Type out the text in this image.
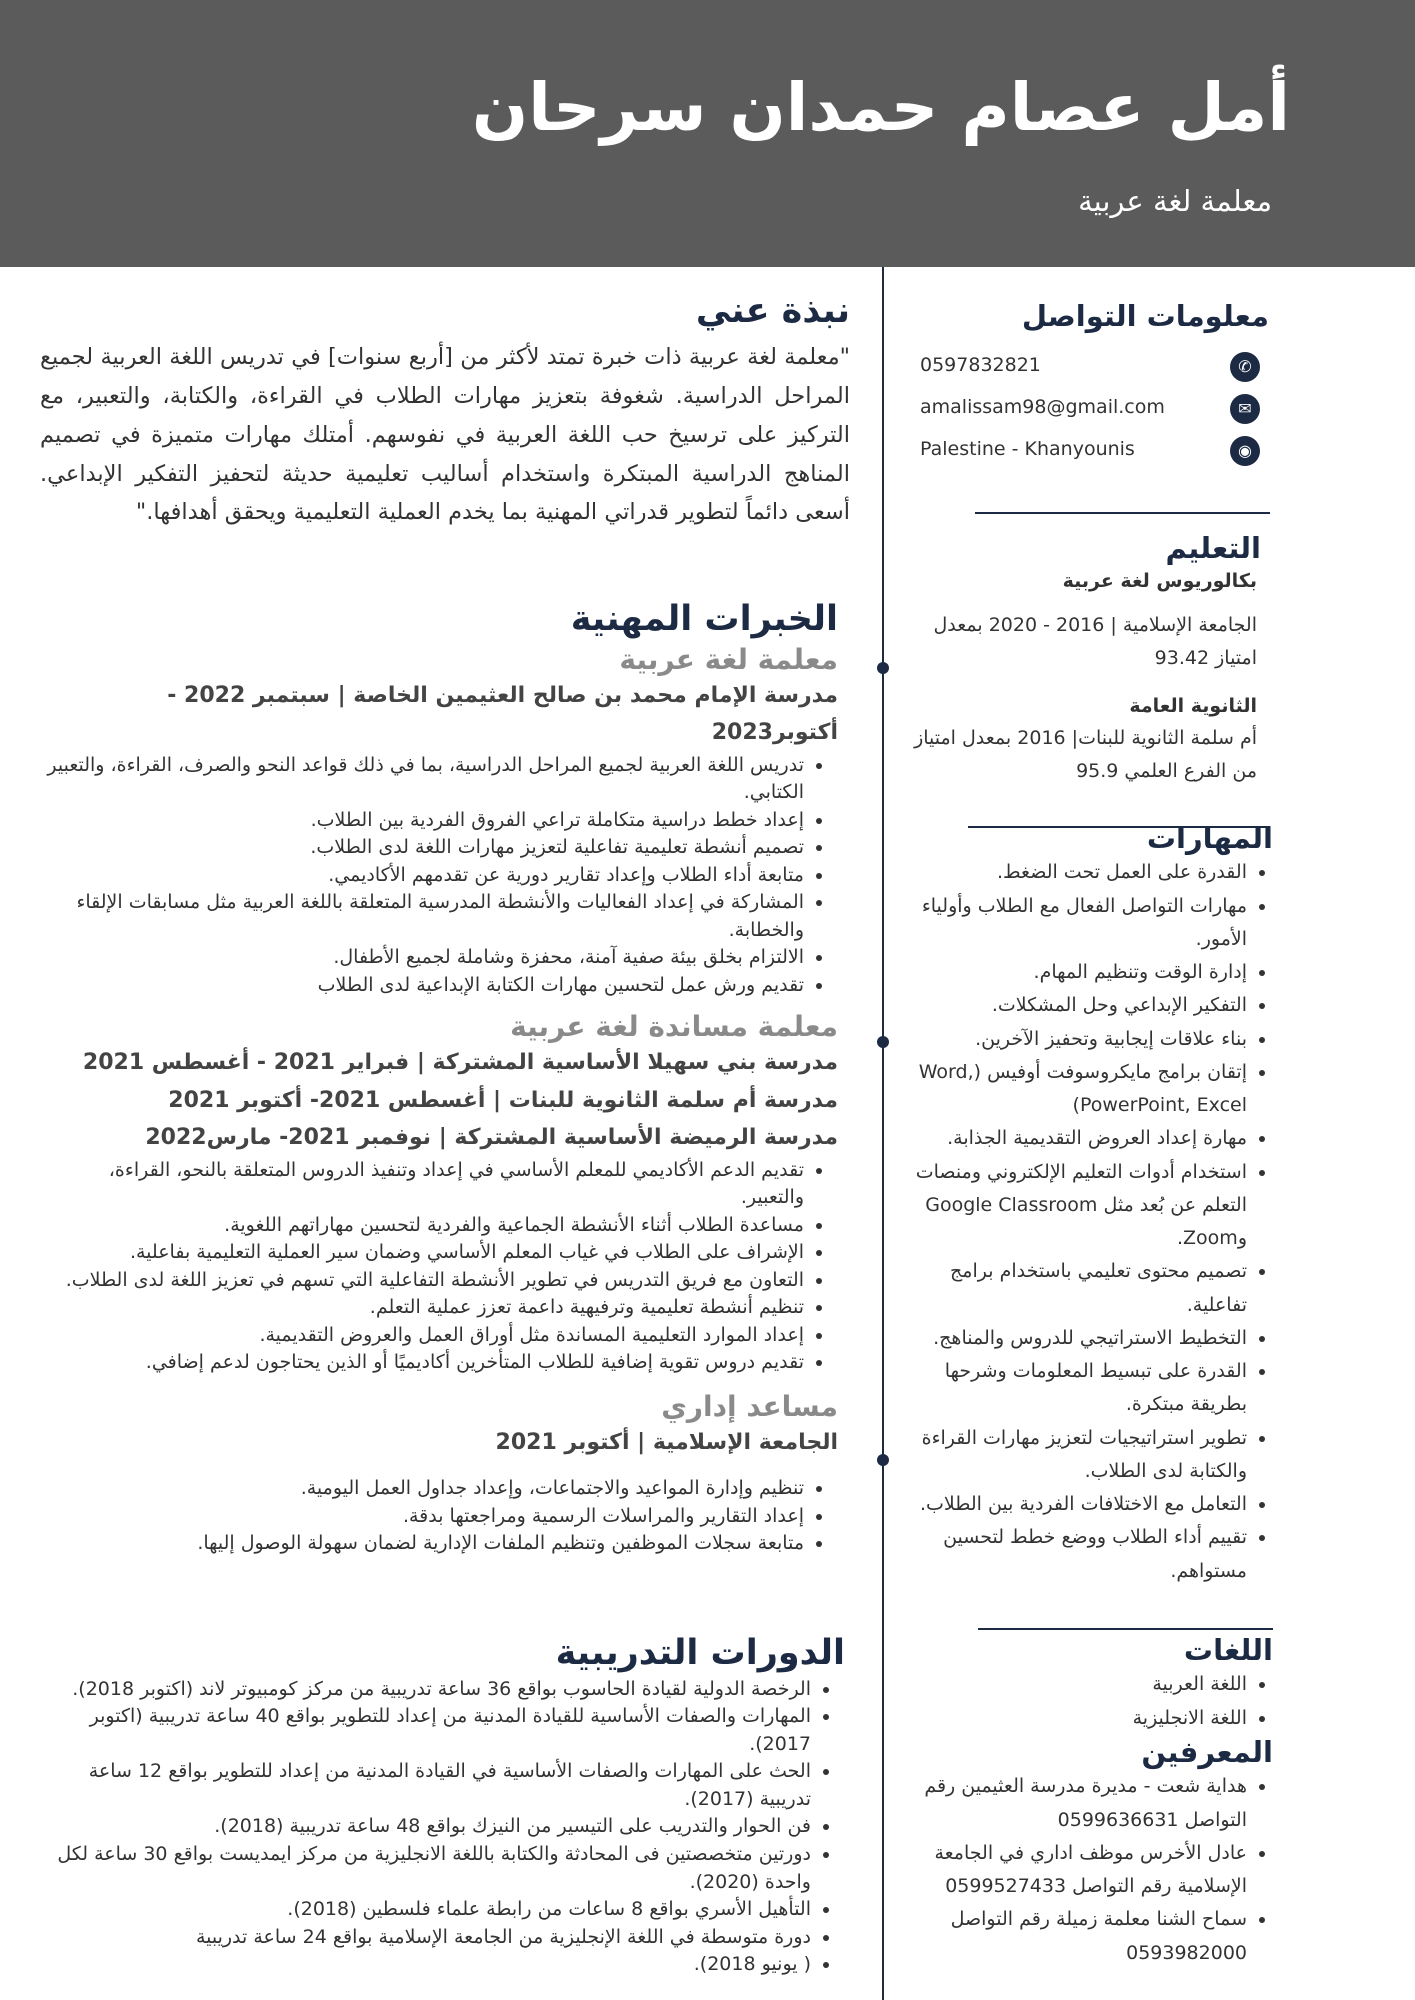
أمل عصام حمدان سرحان

معلمة لغة عربية

معلومات التواصل
0597832821	✆
amalissam98@gmail.com	✉
Palestine - Khanyounis	◉
التعليم

بكالوريوس لغة عربية

الجامعة الإسلامية | 2016 - 2020 بمعدل امتياز 93.42

الثانوية العامة

أم سلمة الثانوية للبنات| 2016 بمعدل امتياز من الفرع العلمي 95.9

المهارات
• القدرة على العمل تحت الضغط.
• مهارات التواصل الفعال مع الطلاب وأولياء الأمور.
• إدارة الوقت وتنظيم المهام.
• التفكير الإبداعي وحل المشكلات.
• بناء علاقات إيجابية وتحفيز الآخرين.
• إتقان برامج مايكروسوفت أوفيس (Word, PowerPoint, Excel)
• مهارة إعداد العروض التقديمية الجذابة.
• استخدام أدوات التعليم الإلكتروني ومنصات التعلم عن بُعد مثل Google Classroom وZoom.
• تصميم محتوى تعليمي باستخدام برامج تفاعلية.
• التخطيط الاستراتيجي للدروس والمناهج.
• القدرة على تبسيط المعلومات وشرحها بطريقة مبتكرة.
• تطوير استراتيجيات لتعزيز مهارات القراءة والكتابة لدى الطلاب.
• التعامل مع الاختلافات الفردية بين الطلاب.
• تقييم أداء الطلاب ووضع خطط لتحسين مستواهم.
اللغات
• اللغة العربية
• اللغة الانجليزية
المعرفين
• هداية شعت - مديرة مدرسة العثيمين رقم التواصل 0599636631
• عادل الأخرس موظف اداري في الجامعة الإسلامية رقم التواصل 0599527433
• سماح الشنا معلمة زميلة رقم التواصل 0593982000
نبذة عني

"معلمة لغة عربية ذات خبرة تمتد لأكثر من [أربع سنوات] في تدريس اللغة العربية لجميع المراحل الدراسية. شغوفة بتعزيز مهارات الطلاب في القراءة، والكتابة، والتعبير، مع التركيز على ترسيخ حب اللغة العربية في نفوسهم. أمتلك مهارات متميزة في تصميم المناهج الدراسية المبتكرة واستخدام أساليب تعليمية حديثة لتحفيز التفكير الإبداعي. أسعى دائماً لتطوير قدراتي المهنية بما يخدم العملية التعليمية ويحقق أهدافها."

الخبرات المهنية
معلمة لغة عربية

مدرسة الإمام محمد بن صالح العثيمين الخاصة | سبتمبر 2022 - أكتوبر2023

• تدريس اللغة العربية لجميع المراحل الدراسية، بما في ذلك قواعد النحو والصرف، القراءة، والتعبير الكتابي.
• إعداد خطط دراسية متكاملة تراعي الفروق الفردية بين الطلاب.
• تصميم أنشطة تعليمية تفاعلية لتعزيز مهارات اللغة لدى الطلاب.
• متابعة أداء الطلاب وإعداد تقارير دورية عن تقدمهم الأكاديمي.
• المشاركة في إعداد الفعاليات والأنشطة المدرسية المتعلقة باللغة العربية مثل مسابقات الإلقاء والخطابة.
• الالتزام بخلق بيئة صفية آمنة، محفزة وشاملة لجميع الأطفال.
• تقديم ورش عمل لتحسين مهارات الكتابة الإبداعية لدى الطلاب
معلمة مساندة لغة عربية

مدرسة بني سهيلا الأساسية المشتركة | فبراير 2021 - أغسطس 2021

مدرسة أم سلمة الثانوية للبنات | أغسطس 2021- أكتوبر 2021

مدرسة الرميضة الأساسية المشتركة | نوفمبر 2021- مارس2022

• تقديم الدعم الأكاديمي للمعلم الأساسي في إعداد وتنفيذ الدروس المتعلقة بالنحو، القراءة، والتعبير.
• مساعدة الطلاب أثناء الأنشطة الجماعية والفردية لتحسين مهاراتهم اللغوية.
• الإشراف على الطلاب في غياب المعلم الأساسي وضمان سير العملية التعليمية بفاعلية.
• التعاون مع فريق التدريس في تطوير الأنشطة التفاعلية التي تسهم في تعزيز اللغة لدى الطلاب.
• تنظيم أنشطة تعليمية وترفيهية داعمة تعزز عملية التعلم.
• إعداد الموارد التعليمية المساندة مثل أوراق العمل والعروض التقديمية.
• تقديم دروس تقوية إضافية للطلاب المتأخرين أكاديميًا أو الذين يحتاجون لدعم إضافي.
مساعد إداري

الجامعة الإسلامية | أكتوبر 2021

• تنظيم وإدارة المواعيد والاجتماعات، وإعداد جداول العمل اليومية.
• إعداد التقارير والمراسلات الرسمية ومراجعتها بدقة.
• متابعة سجلات الموظفين وتنظيم الملفات الإدارية لضمان سهولة الوصول إليها.
الدورات التدريبية
• الرخصة الدولية لقيادة الحاسوب بواقع 36 ساعة تدريبية من مركز كومبيوتر لاند (اكتوبر 2018).
• المهارات والصفات الأساسية للقيادة المدنية من إعداد للتطوير بواقع 40 ساعة تدريبية (اكتوبر 2017).
• الحث على المهارات والصفات الأساسية في القيادة المدنية من إعداد للتطوير بواقع 12 ساعة تدريبية (2017).
• فن الحوار والتدريب على التيسير من النيزك بواقع 48 ساعة تدريبية (2018).
• دورتين متخصصتين فى المحادثة والكتابة باللغة الانجليزية من مركز ايمديست بواقع 30 ساعة لكل واحدة (2020).
• التأهيل الأسري بواقع 8 ساعات من رابطة علماء فلسطين (2018).
• دورة متوسطة في اللغة الإنجليزية من الجامعة الإسلامية بواقع 24 ساعة تدريبية
• ( يونيو 2018).
